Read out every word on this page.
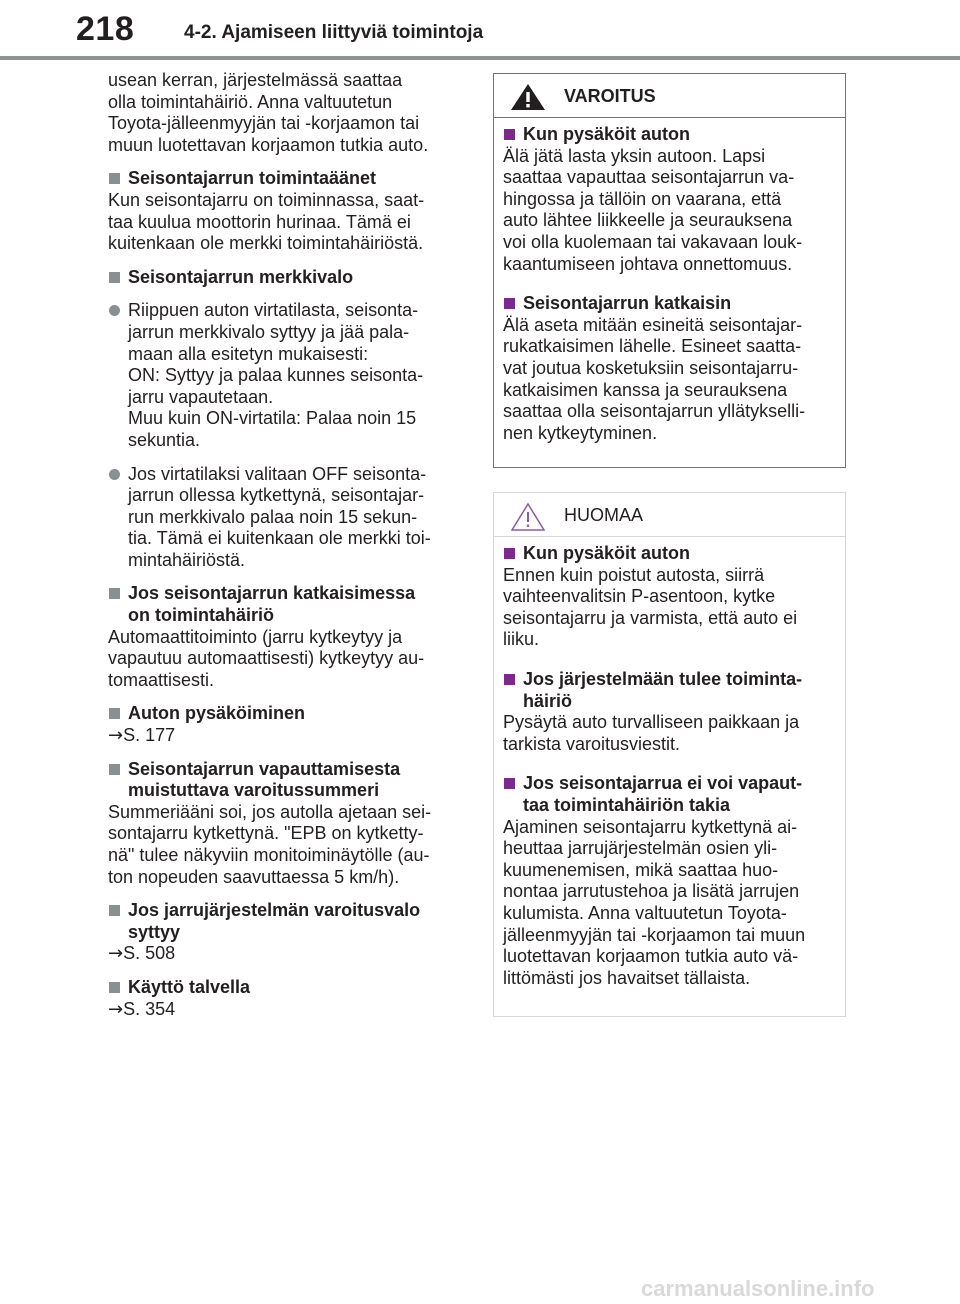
218	4-2. Ajamiseen liittyviä toimintoja

usean kerran, järjestelmässä saattaa
olla toimintahäiriö. Anna valtuutetun
Toyota-jälleenmyyjän tai -korjaamon tai
muun luotettavan korjaamon tutkia auto.

Seisontajarrun toimintaäänet

Kun seisontajarru on toiminnassa, saat-
taa kuulua moottorin hurinaa. Tämä ei
kuitenkaan ole merkki toimintahäiriöstä.

Seisontajarrun merkkivalo
Riippuen auton virtatilasta, seisonta-
jarrun merkkivalo syttyy ja jää pala-
maan alla esitetyn mukaisesti:
ON: Syttyy ja palaa kunnes seisonta-
jarru vapautetaan.
Muu kuin ON-virtatila: Palaa noin 15
sekuntia.
Jos virtatilaksi valitaan OFF seisonta-
jarrun ollessa kytkettynä, seisontajar-
run merkkivalo palaa noin 15 sekun-
tia. Tämä ei kuitenkaan ole merkki toi-
mintahäiriöstä.
Jos seisontajarrun katkaisimessa
on toimintahäiriö

Automaattitoiminto (jarru kytkeytyy ja
vapautuu automaattisesti) kytkeytyy au-
tomaattisesti.

Auton pysäköiminen

→S. 177

Seisontajarrun vapauttamisesta
muistuttava varoitussummeri

Summeriääni soi, jos autolla ajetaan sei-
sontajarru kytkettynä. "EPB on kytketty-
nä" tulee näkyviin monitoiminäytölle (au-
ton nopeuden saavuttaessa 5 km/h).

Jos jarrujärjestelmän varoitusvalo
syttyy

→S. 508

Käyttö talvella

→S. 354

VAROITUS
Kun pysäköit auton

Älä jätä lasta yksin autoon. Lapsi
saattaa vapauttaa seisontajarrun va-
hingossa ja tällöin on vaarana, että
auto lähtee liikkeelle ja seurauksena
voi olla kuolemaan tai vakavaan louk-
kaantumiseen johtava onnettomuus.

Seisontajarrun katkaisin

Älä aseta mitään esineitä seisontajar-
rukatkaisimen lähelle. Esineet saatta-
vat joutua kosketuksiin seisontajarru-
katkaisimen kanssa ja seurauksena
saattaa olla seisontajarrun yllätykselli-
nen kytkeytyminen.

HUOMAA
Kun pysäköit auton

Ennen kuin poistut autosta, siirrä
vaihteenvalitsin P-asentoon, kytke
seisontajarru ja varmista, että auto ei
liiku.

Jos järjestelmään tulee toiminta-
häiriö

Pysäytä auto turvalliseen paikkaan ja
tarkista varoitusviestit.

Jos seisontajarrua ei voi vapaut-
taa toimintahäiriön takia

Ajaminen seisontajarru kytkettynä ai-
heuttaa jarrujärjestelmän osien yli-
kuumenemisen, mikä saattaa huo-
nontaa jarrutustehoa ja lisätä jarrujen
kulumista. Anna valtuutetun Toyota-
jälleenmyyjän tai -korjaamon tai muun
luotettavan korjaamon tutkia auto vä-
littömästi jos havaitset tällaista.

carmanualsonline.info
